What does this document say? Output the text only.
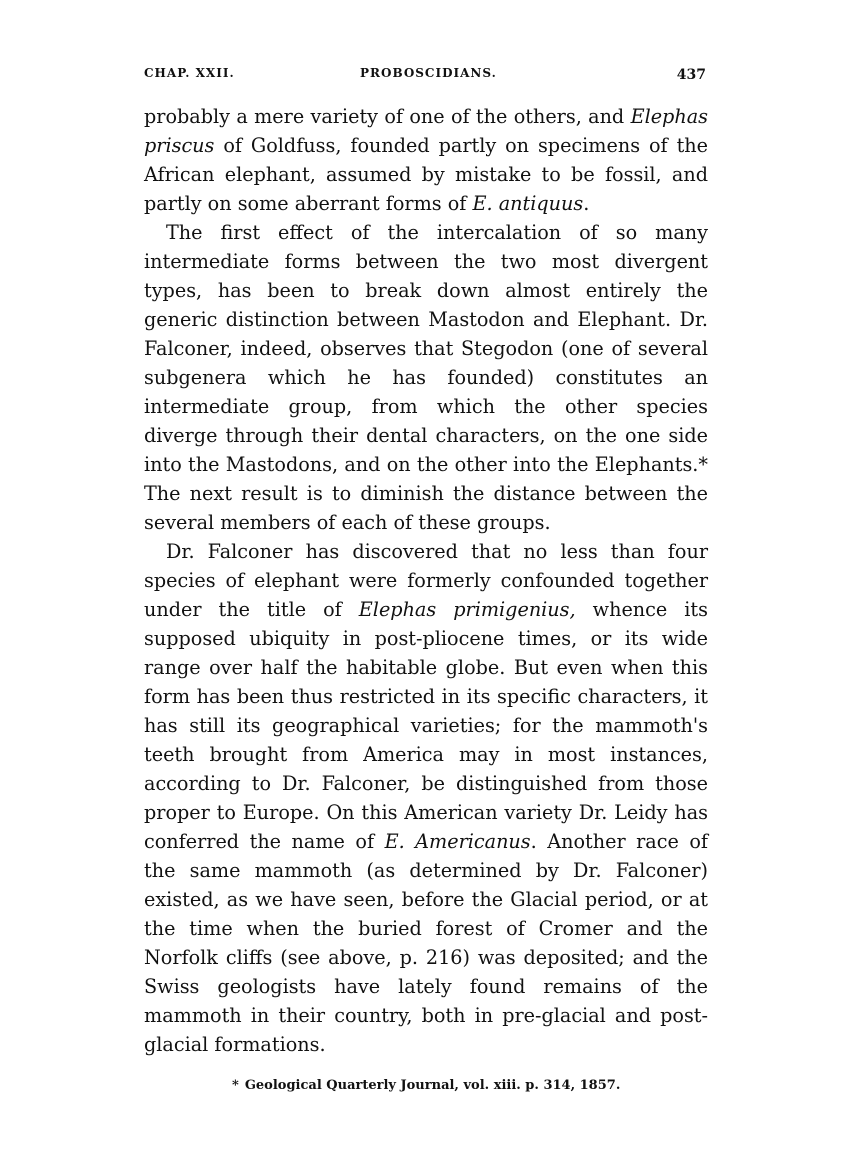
CHAP. XXII.	PROBOSCIDIANS.	437

probably a mere variety of one of the others, and Elephas priscus of Goldfuss, founded partly on specimens of the African elephant, assumed by mistake to be fossil, and partly on some aberrant forms of E. antiquus.

The first effect of the intercalation of so many intermediate forms between the two most divergent types, has been to break down almost entirely the generic distinction between Mastodon and Elephant. Dr. Falconer, indeed, observes that Stegodon (one of several subgenera which he has founded) constitutes an intermediate group, from which the other species diverge through their dental characters, on the one side into the Mastodons, and on the other into the Elephants.* The next result is to diminish the distance between the several members of each of these groups.

Dr. Falconer has discovered that no less than four species of elephant were formerly confounded together under the title of Elephas primigenius, whence its supposed ubiquity in post-pliocene times, or its wide range over half the habitable globe. But even when this form has been thus restricted in its specific characters, it has still its geographical varieties; for the mammoth's teeth brought from America may in most instances, according to Dr. Falconer, be distinguished from those proper to Europe. On this American variety Dr. Leidy has conferred the name of E. Americanus. Another race of the same mammoth (as determined by Dr. Falconer) existed, as we have seen, before the Glacial period, or at the time when the buried forest of Cromer and the Norfolk cliffs (see above, p. 216) was deposited; and the Swiss geologists have lately found remains of the mammoth in their country, both in pre-glacial and post-glacial formations.

* Geological Quarterly Journal, vol. xiii. p. 314, 1857.
